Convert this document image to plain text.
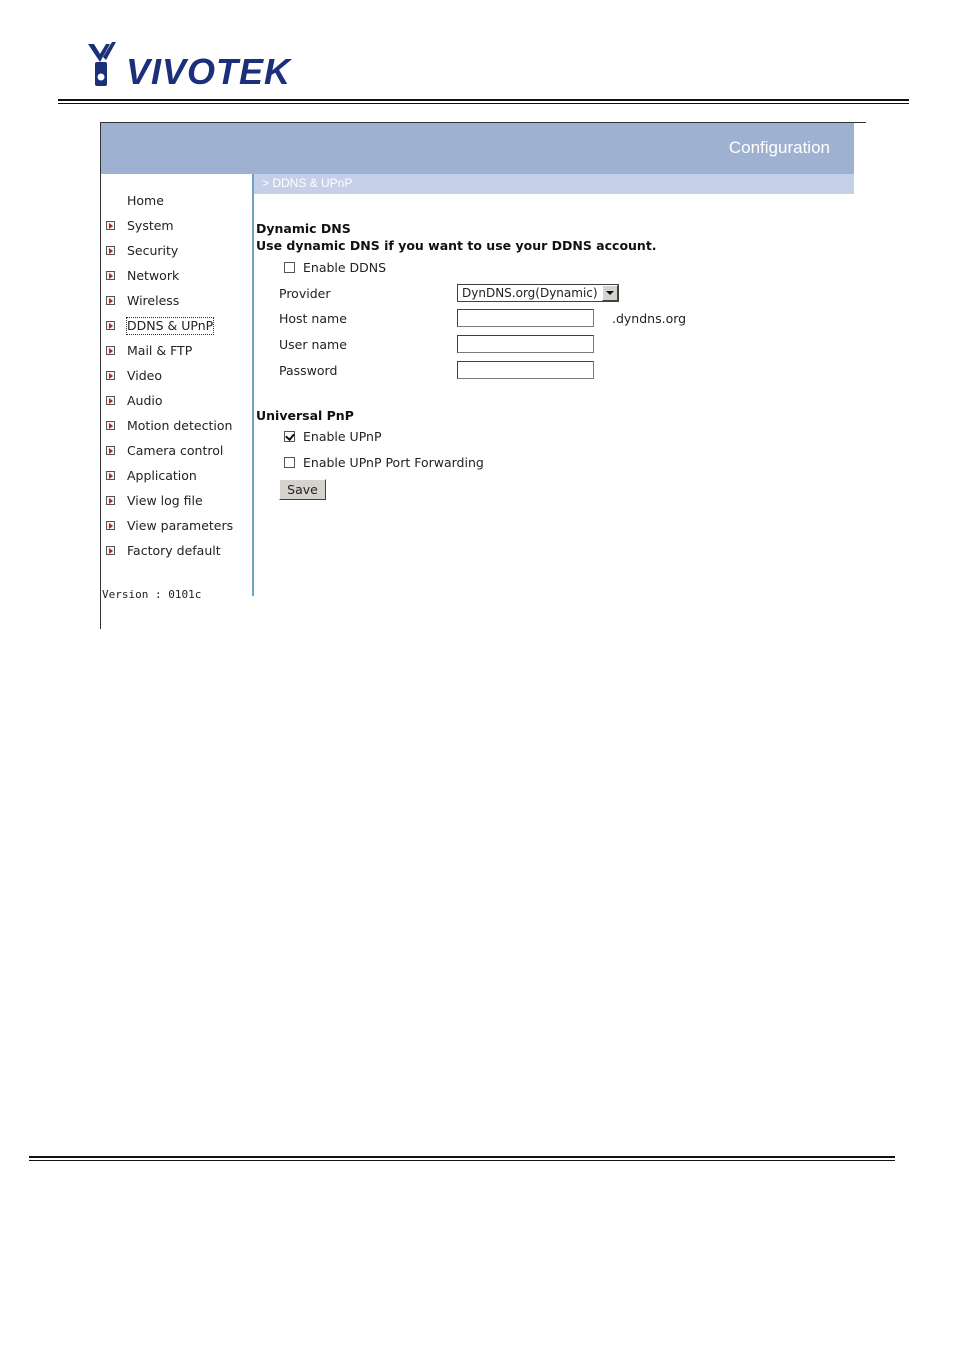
VIVOTEK
Configuration
Home
System
Security
Network
Wireless
DDNS & UPnP
Mail & FTP
Video
Audio
Motion detection
Camera control
Application
View log file
View parameters
Factory default
Version : 0101c
> DDNS & UPnP
Dynamic DNS
Use dynamic DNS if you want to use your DDNS account.
Enable DDNS
Provider	DynDNS.org(Dynamic)
Host name	.dyndns.org
User name
Password
Universal PnP
Enable UPnP
Enable UPnP Port Forwarding
Save
